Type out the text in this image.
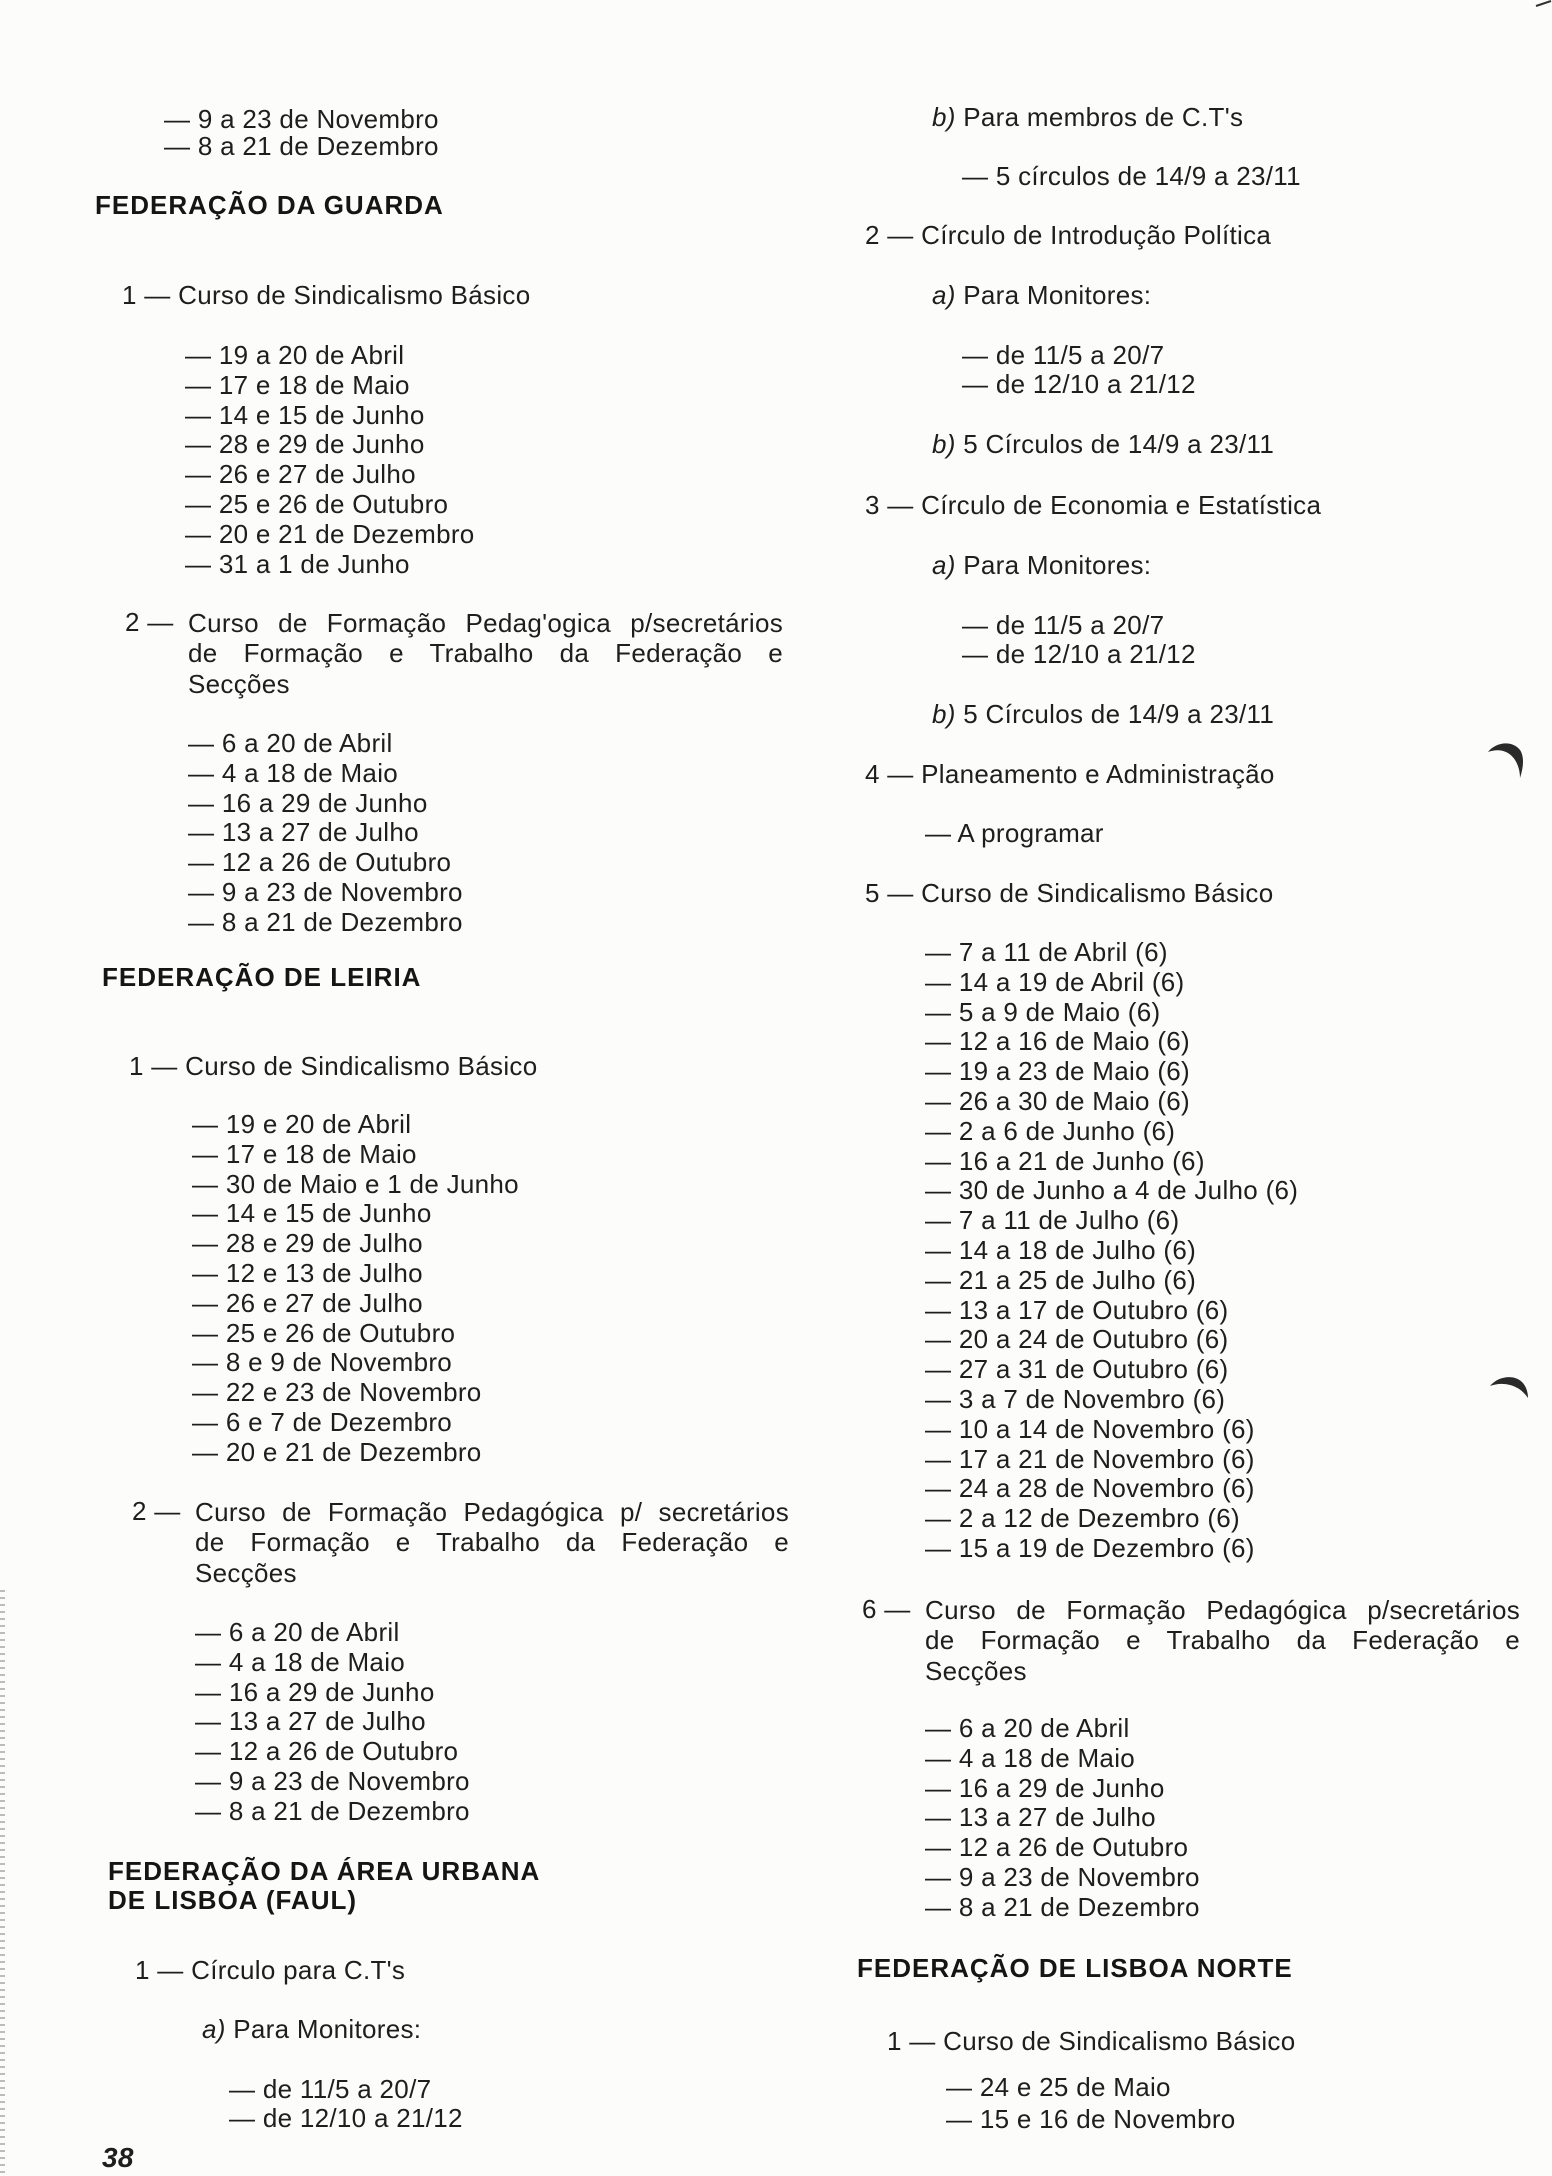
— 9 a 23 de Novembro
— 8 a 21 de Dezembro
FEDERAÇÃO DA GUARDA
1 — Curso de Sindicalismo Básico
— 19 a 20 de Abril
— 17 e 18 de Maio
— 14 e 15 de Junho
— 28 e 29 de Junho
— 26 e 27 de Julho
— 25 e 26 de Outubro
— 20 e 21 de Dezembro
— 31 a 1 de Junho
2 — Curso de Formação Pedag'ogica p/secretários
de Formação e Trabalho da Federação e
Secções
— 6 a 20 de Abril
— 4 a 18 de Maio
— 16 a 29 de Junho
— 13 a 27 de Julho
— 12 a 26 de Outubro
— 9 a 23 de Novembro
— 8 a 21 de Dezembro
FEDERAÇÃO DE LEIRIA
1 — Curso de Sindicalismo Básico
— 19 e 20 de Abril
— 17 e 18 de Maio
— 30 de Maio e 1 de Junho
— 14 e 15 de Junho
— 28 e 29 de Julho
— 12 e 13 de Julho
— 26 e 27 de Julho
— 25 e 26 de Outubro
— 8 e 9 de Novembro
— 22 e 23 de Novembro
— 6 e 7 de Dezembro
— 20 e 21 de Dezembro
2 — Curso de Formação Pedagógica p/ secretários
de Formação e Trabalho da Federação e
Secções
— 6 a 20 de Abril
— 4 a 18 de Maio
— 16 a 29 de Junho
— 13 a 27 de Julho
— 12 a 26 de Outubro
— 9 a 23 de Novembro
— 8 a 21 de Dezembro
FEDERAÇÃO DA ÁREA URBANA
DE LISBOA (FAUL)
1 — Círculo para C.T's
a) Para Monitores:
— de 11/5 a 20/7
— de 12/10 a 21/12
38
b) Para membros de C.T's
— 5 círculos de 14/9 a 23/11
2 — Círculo de Introdução Política
a) Para Monitores:
— de 11/5 a 20/7
— de 12/10 a 21/12
b) 5 Círculos de 14/9 a 23/11
3 — Círculo de Economia e Estatística
a) Para Monitores:
— de 11/5 a 20/7
— de 12/10 a 21/12
b) 5 Círculos de 14/9 a 23/11
4 — Planeamento e Administração
— A programar
5 — Curso de Sindicalismo Básico
— 7 a 11 de Abril (6)
— 14 a 19 de Abril (6)
— 5 a 9 de Maio (6)
— 12 a 16 de Maio (6)
— 19 a 23 de Maio (6)
— 26 a 30 de Maio (6)
— 2 a 6 de Junho (6)
— 16 a 21 de Junho (6)
— 30 de Junho a 4 de Julho (6)
— 7 a 11 de Julho (6)
— 14 a 18 de Julho (6)
— 21 a 25 de Julho (6)
— 13 a 17 de Outubro (6)
— 20 a 24 de Outubro (6)
— 27 a 31 de Outubro (6)
— 3 a 7 de Novembro (6)
— 10 a 14 de Novembro (6)
— 17 a 21 de Novembro (6)
— 24 a 28 de Novembro (6)
— 2 a 12 de Dezembro (6)
— 15 a 19 de Dezembro (6)
6 — Curso de Formação Pedagógica p/secretários
de Formação e Trabalho da Federação e
Secções
— 6 a 20 de Abril
— 4 a 18 de Maio
— 16 a 29 de Junho
— 13 a 27 de Julho
— 12 a 26 de Outubro
— 9 a 23 de Novembro
— 8 a 21 de Dezembro
FEDERAÇÃO DE LISBOA NORTE
1 — Curso de Sindicalismo Básico
— 24 e 25 de Maio
— 15 e 16 de Novembro
